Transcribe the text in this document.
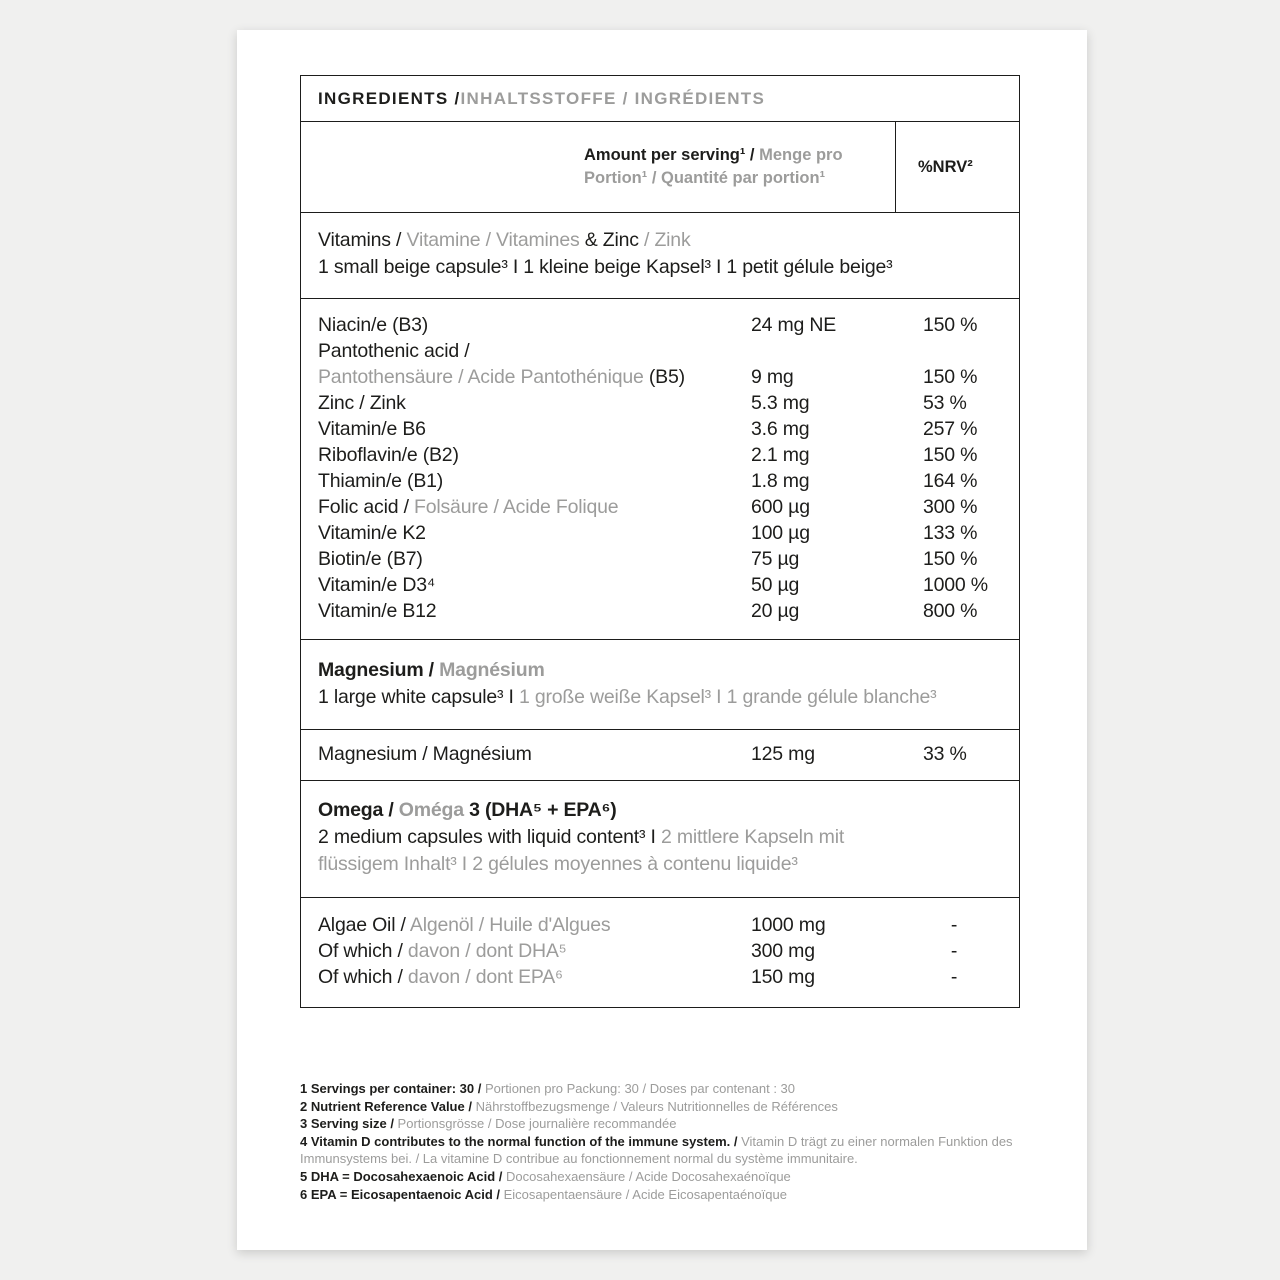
INGREDIENTS / INHALTSSTOFFE / INGRÉDIENTS
Amount per serving¹ / Menge pro Portion¹ / Quantité par portion¹
%NRV²
Vitamins / Vitamine / Vitamines & Zinc / Zink
1 small beige capsule³ I 1 kleine beige Kapsel³ I 1 petit gélule beige³
Niacin/e (B3)	24 mg NE	150 %
Pantothenic acid /
Pantothensäure / Acide Pantothénique (B5)	9 mg	150 %
Zinc / Zink	5.3 mg	53 %
Vitamin/e B6	3.6 mg	257 %
Riboflavin/e (B2)	2.1 mg	150 %
Thiamin/e (B1)	1.8 mg	164 %
Folic acid / Folsäure / Acide Folique	600 µg	300 %
Vitamin/e K2	100 µg	133 %
Biotin/e (B7)	75 µg	150 %
Vitamin/e D3⁴	50 µg	1000 %
Vitamin/e B12	20 µg	800 %
Magnesium / Magnésium
1 large white capsule³ I 1 große weiße Kapsel³ I 1 grande gélule blanche³
Magnesium / Magnésium	125 mg	33 %
Omega / Oméga 3 (DHA⁵ + EPA⁶)
2 medium capsules with liquid content³ I 2 mittlere Kapseln mit flüssigem Inhalt³ I 2 gélules moyennes à contenu liquide³
Algae Oil / Algenöl / Huile d'Algues	1000 mg	-
Of which / davon / dont DHA⁵	300 mg	-
Of which / davon / dont EPA⁶	150 mg	-

1 Servings per container: 30 / Portionen pro Packung: 30 / Doses par contenant : 30

2 Nutrient Reference Value / Nährstoffbezugsmenge / Valeurs Nutritionnelles de Références

3 Serving size / Portionsgrösse / Dose journalière recommandée

4 Vitamin D contributes to the normal function of the immune system. / Vitamin D trägt zu einer normalen Funktion des Immunsystems bei. / La vitamine D contribue au fonctionnement normal du système immunitaire.

5 DHA = Docosahexaenoic Acid / Docosahexaensäure / Acide Docosahexaénoïque

6 EPA = Eicosapentaenoic Acid / Eicosapentaensäure / Acide Eicosapentaénoïque
